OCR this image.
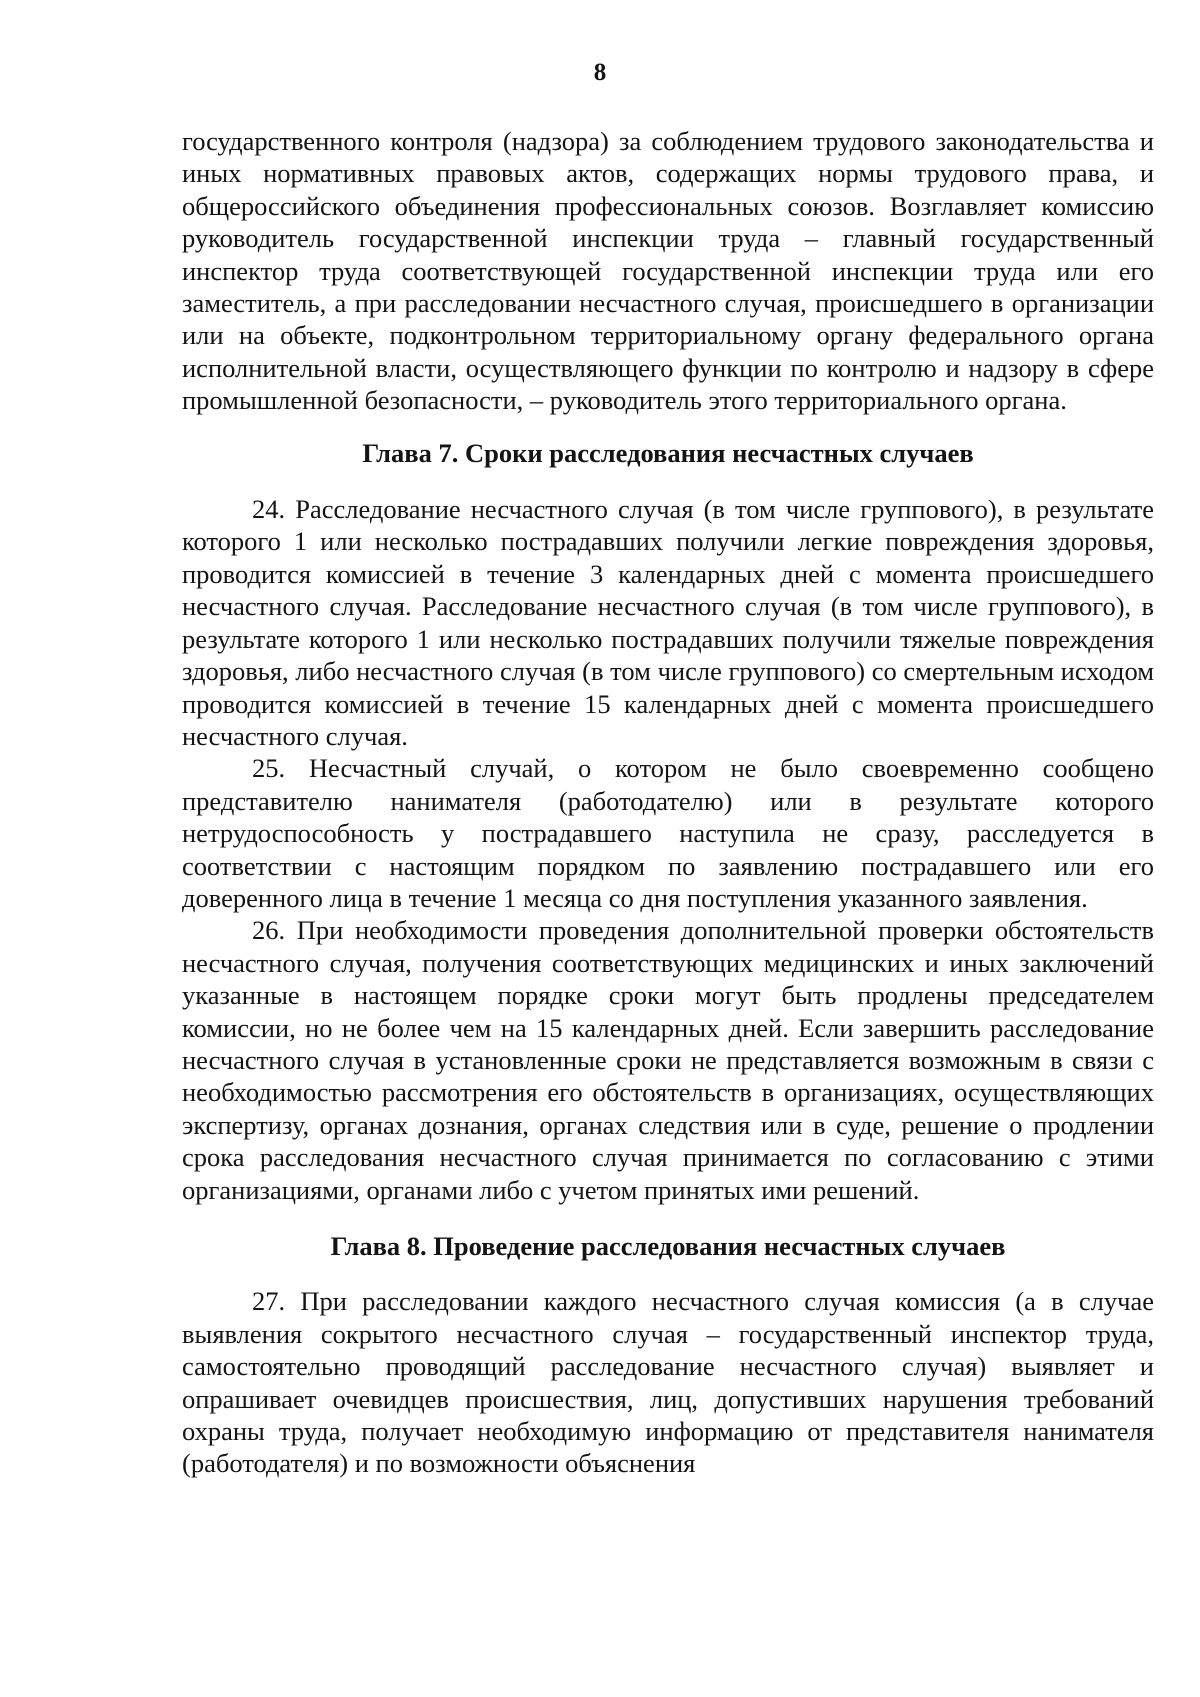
8

государственного контроля (надзора) за соблюдением трудового законодательства и иных нормативных правовых актов, содержащих нормы трудового права, и общероссийского объединения профессиональных союзов. Возглавляет комиссию руководитель государственной инспекции труда – главный государственный инспектор труда соответствующей государственной инспекции труда или его заместитель, а при расследовании несчастного случая, происшедшего в организации или на объекте, подконтрольном территориальному органу федерального органа исполнительной власти, осуществляющего функции по контролю и надзору в сфере промышленной безопасности, – руководитель этого территориального органа.

Глава 7. Сроки расследования несчастных случаев

24. Расследование несчастного случая (в том числе группового), в результате которого 1 или несколько пострадавших получили легкие повреждения здоровья, проводится комиссией в течение 3 календарных дней с момента происшедшего несчастного случая. Расследование несчастного случая (в том числе группового), в результате которого 1 или несколько пострадавших получили тяжелые повреждения здоровья, либо несчастного случая (в том числе группового) со смертельным исходом проводится комиссией в течение 15 календарных дней с момента происшедшего несчастного случая.

25. Несчастный случай, о котором не было своевременно сообщено представителю нанимателя (работодателю) или в результате которого нетрудоспособность у пострадавшего наступила не сразу, расследуется в соответствии с настоящим порядком по заявлению пострадавшего или его доверенного лица в течение 1 месяца со дня поступления указанного заявления.

26. При необходимости проведения дополнительной проверки обстоятельств несчастного случая, получения соответствующих медицинских и иных заключений указанные в настоящем порядке сроки могут быть продлены председателем комиссии, но не более чем на 15 календарных дней. Если завершить расследование несчастного случая в установленные сроки не представляется возможным в связи с необходимостью рассмотрения его обстоятельств в организациях, осуществляющих экспертизу, органах дознания, органах следствия или в суде, решение о продлении срока расследования несчастного случая принимается по согласованию с этими организациями, органами либо с учетом принятых ими решений.

Глава 8. Проведение расследования несчастных случаев

27. При расследовании каждого несчастного случая комиссия (а в случае выявления сокрытого несчастного случая – государственный инспектор труда, самостоятельно проводящий расследование несчастного случая) выявляет и опрашивает очевидцев происшествия, лиц, допустивших нарушения требований охраны труда, получает необходимую информацию от представителя нанимателя (работодателя) и по возможности объяснения
